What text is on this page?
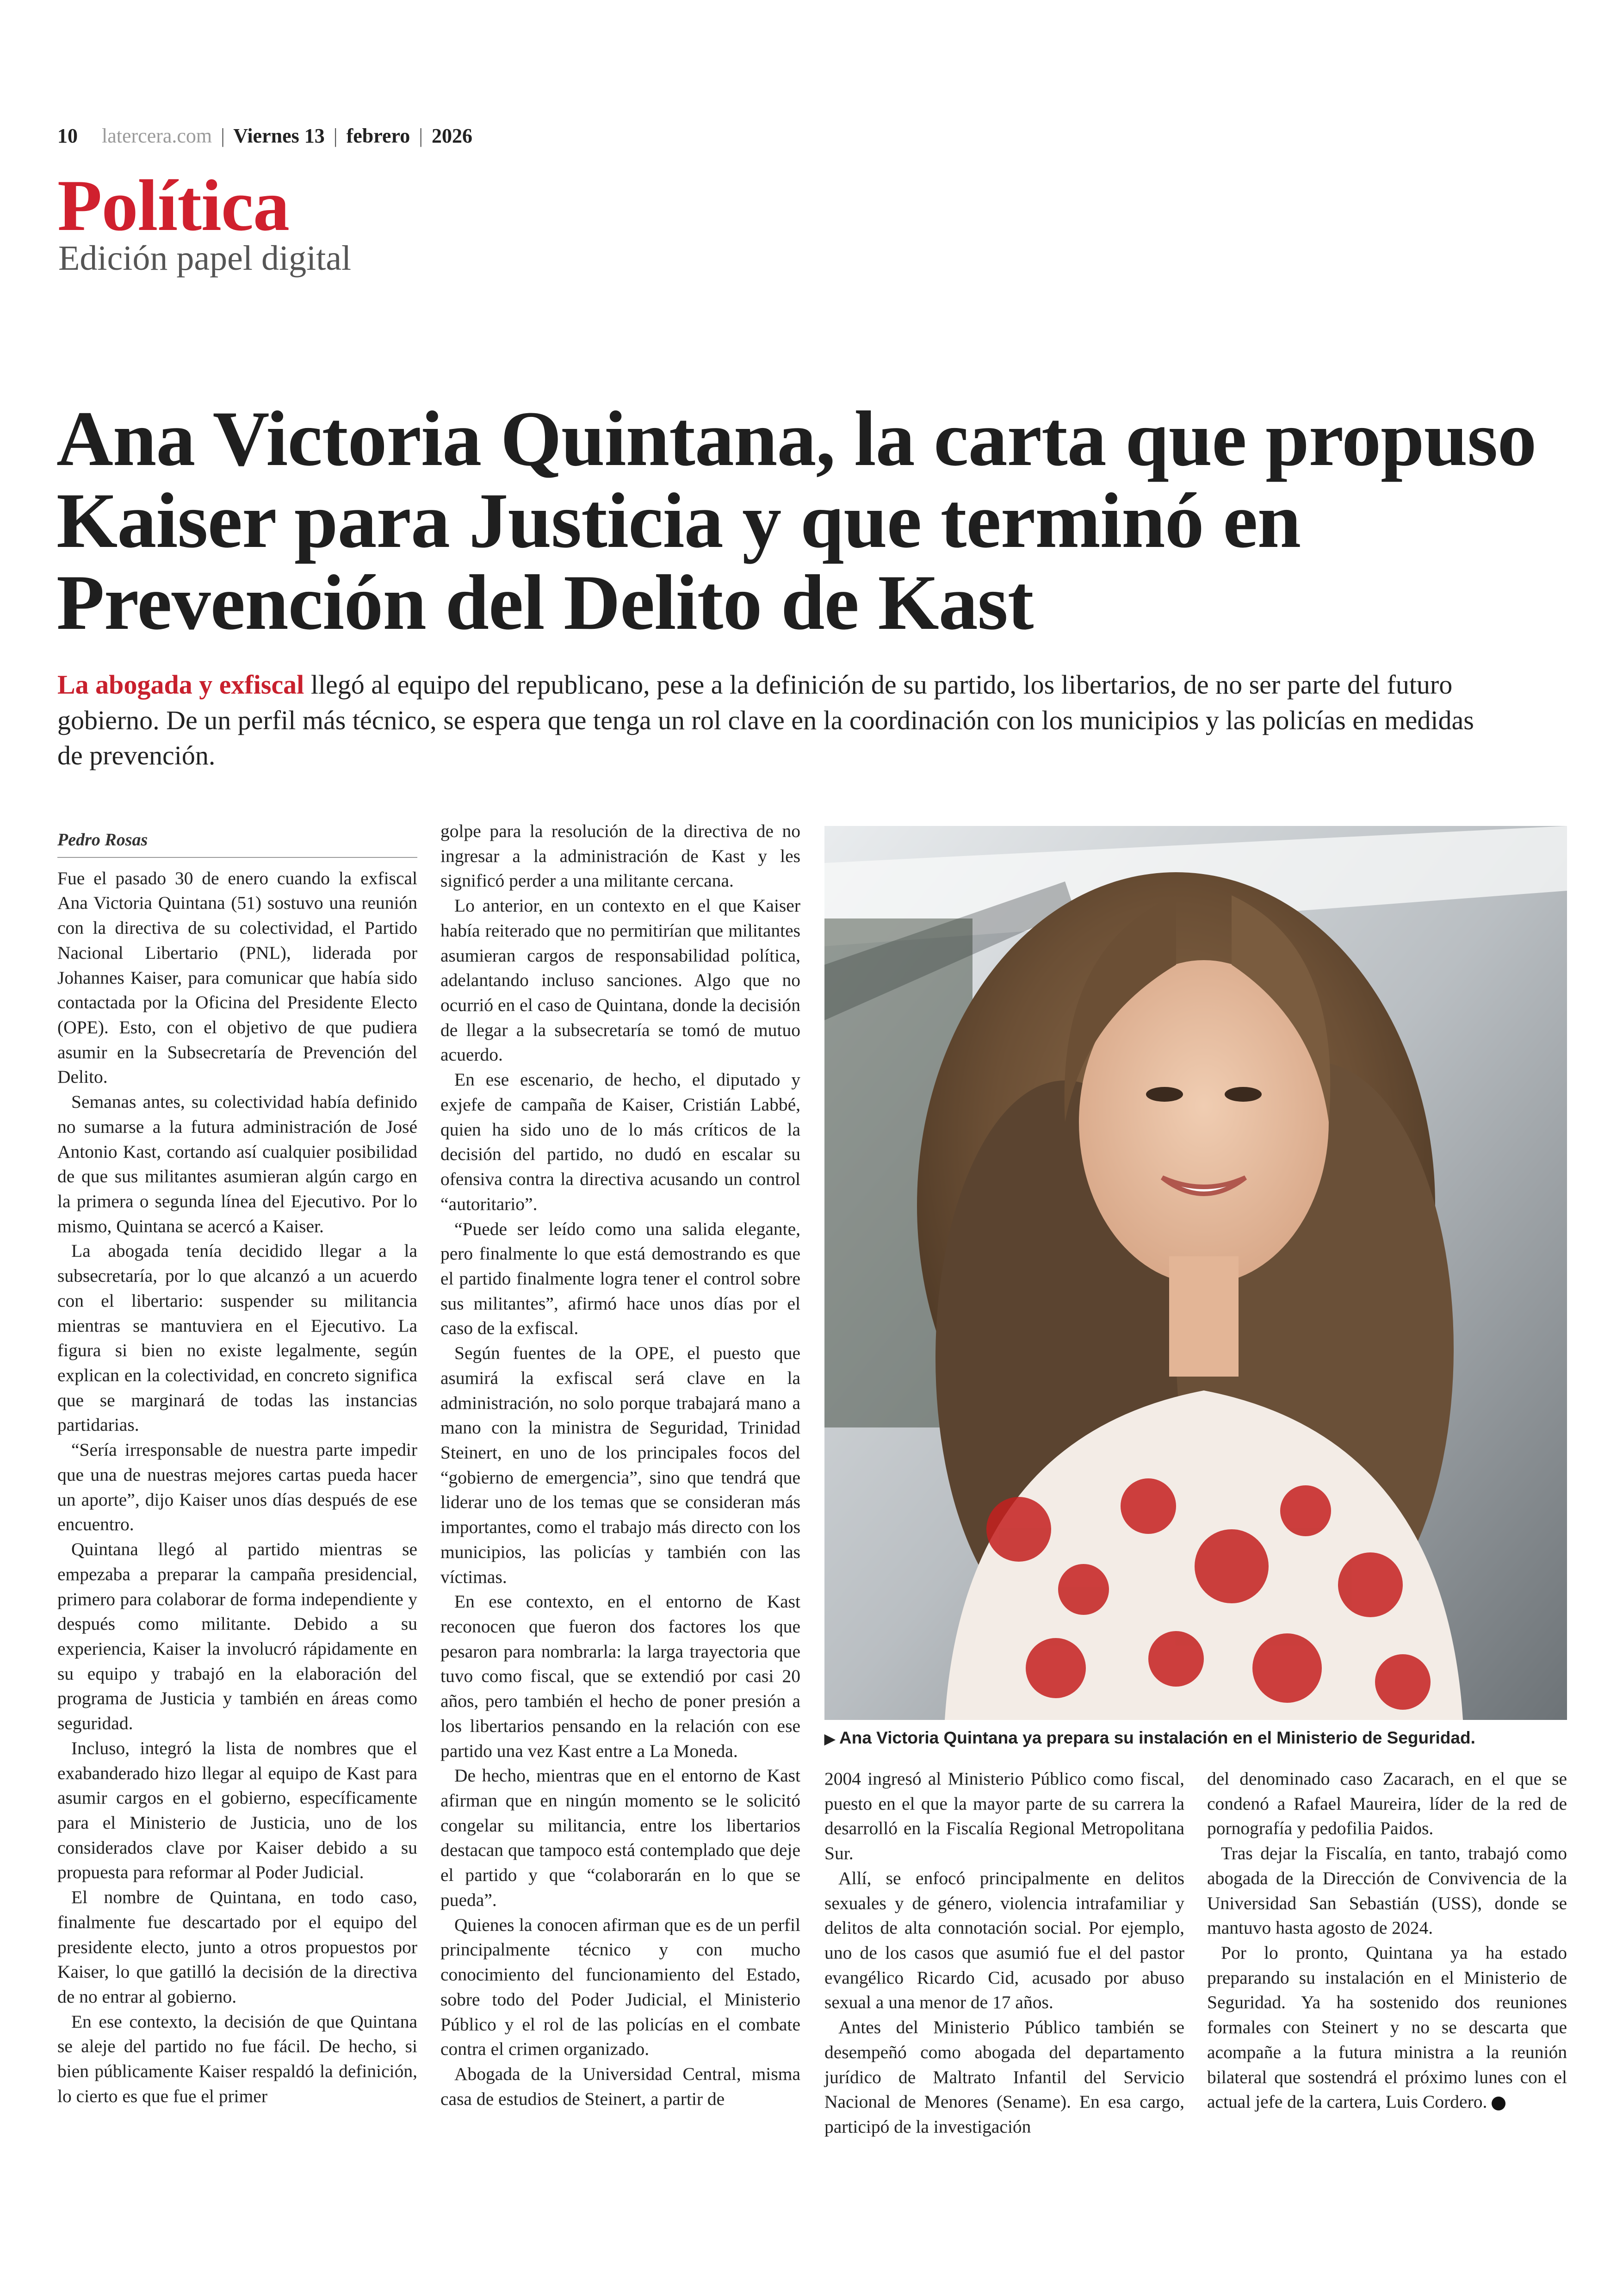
10 latercera.com | Viernes 13 | febrero | 2026
Política
Edición papel digital
Ana Victoria Quintana, la carta que propuso Kaiser para Justicia y que terminó en Prevención del Delito de Kast

La abogada y exfiscal llegó al equipo del republicano, pese a la definición de su partido, los libertarios, de no ser parte del futuro gobierno. De un perfil más técnico, se espera que tenga un rol clave en la coordinación con los municipios y las policías en medidas de prevención.

Pedro Rosas

Fue el pasado 30 de enero cuando la exfiscal Ana Victoria Quintana (51) sostuvo una reunión con la directiva de su colectividad, el Partido Nacional Libertario (PNL), liderada por Johannes Kaiser, para comunicar que había sido contactada por la Oficina del Presidente Electo (OPE). Esto, con el objetivo de que pudiera asumir en la Subsecretaría de Prevención del Delito.

Semanas antes, su colectividad había definido no sumarse a la futura administración de José Antonio Kast, cortando así cualquier posibilidad de que sus militantes asumieran algún cargo en la primera o segunda línea del Ejecutivo. Por lo mismo, Quintana se acercó a Kaiser.

La abogada tenía decidido llegar a la subsecretaría, por lo que alcanzó a un acuerdo con el libertario: suspender su militancia mientras se mantuviera en el Ejecutivo. La figura si bien no existe legalmente, según explican en la colectividad, en concreto significa que se marginará de todas las instancias partidarias.

“Sería irresponsable de nuestra parte impedir que una de nuestras mejores cartas pueda hacer un aporte”, dijo Kaiser unos días después de ese encuentro.

Quintana llegó al partido mientras se empezaba a preparar la campaña presidencial, primero para colaborar de forma independiente y después como militante. Debido a su experiencia, Kaiser la involucró rápidamente en su equipo y trabajó en la elaboración del programa de Justicia y también en áreas como seguridad.

Incluso, integró la lista de nombres que el exabanderado hizo llegar al equipo de Kast para asumir cargos en el gobierno, específicamente para el Ministerio de Justicia, uno de los considerados clave por Kaiser debido a su propuesta para reformar al Poder Judicial.

El nombre de Quintana, en todo caso, finalmente fue descartado por el equipo del presidente electo, junto a otros propuestos por Kaiser, lo que gatilló la decisión de la directiva de no entrar al gobierno.

En ese contexto, la decisión de que Quintana se aleje del partido no fue fácil. De hecho, si bien públicamente Kaiser respaldó la definición, lo cierto es que fue el primer

golpe para la resolución de la directiva de no ingresar a la administración de Kast y les significó perder a una militante cercana.

Lo anterior, en un contexto en el que Kaiser había reiterado que no permitirían que militantes asumieran cargos de responsabilidad política, adelantando incluso sanciones. Algo que no ocurrió en el caso de Quintana, donde la decisión de llegar a la subsecretaría se tomó de mutuo acuerdo.

En ese escenario, de hecho, el diputado y exjefe de campaña de Kaiser, Cristián Labbé, quien ha sido uno de lo más críticos de la decisión del partido, no dudó en escalar su ofensiva contra la directiva acusando un control “autoritario”.

“Puede ser leído como una salida elegante, pero finalmente lo que está demostrando es que el partido finalmente logra tener el control sobre sus militantes”, afirmó hace unos días por el caso de la exfiscal.

Según fuentes de la OPE, el puesto que asumirá la exfiscal será clave en la administración, no solo porque trabajará mano a mano con la ministra de Seguridad, Trinidad Steinert, en uno de los principales focos del “gobierno de emergencia”, sino que tendrá que liderar uno de los temas que se consideran más importantes, como el trabajo más directo con los municipios, las policías y también con las víctimas.

En ese contexto, en el entorno de Kast reconocen que fueron dos factores los que pesaron para nombrarla: la larga trayectoria que tuvo como fiscal, que se extendió por casi 20 años, pero también el hecho de poner presión a los libertarios pensando en la relación con ese partido una vez Kast entre a La Moneda.

De hecho, mientras que en el entorno de Kast afirman que en ningún momento se le solicitó congelar su militancia, entre los libertarios destacan que tampoco está contemplado que deje el partido y que “colaborarán en lo que se pueda”.

Quienes la conocen afirman que es de un perfil principalmente técnico y con mucho conocimiento del funcionamiento del Estado, sobre todo del Poder Judicial, el Ministerio Público y el rol de las policías en el combate contra el crimen organizado.

Abogada de la Universidad Central, misma casa de estudios de Steinert, a partir de

▶ Ana Victoria Quintana ya prepara su instalación en el Ministerio de Seguridad.

2004 ingresó al Ministerio Público como fiscal, puesto en el que la mayor parte de su carrera la desarrolló en la Fiscalía Regional Metropolitana Sur.

Allí, se enfocó principalmente en delitos sexuales y de género, violencia intrafamiliar y delitos de alta connotación social. Por ejemplo, uno de los casos que asumió fue el del pastor evangélico Ricardo Cid, acusado por abuso sexual a una menor de 17 años.

Antes del Ministerio Público también se desempeñó como abogada del departamento jurídico de Maltrato Infantil del Servicio Nacional de Menores (Sename). En esa cargo, participó de la investigación

del denominado caso Zacarach, en el que se condenó a Rafael Maureira, líder de la red de pornografía y pedofilia Paidos.

Tras dejar la Fiscalía, en tanto, trabajó como abogada de la Dirección de Convivencia de la Universidad San Sebastián (USS), donde se mantuvo hasta agosto de 2024.

Por lo pronto, Quintana ya ha estado preparando su instalación en el Ministerio de Seguridad. Ya ha sostenido dos reuniones formales con Steinert y no se descarta que acompañe a la futura ministra a la reunión bilateral que sostendrá el próximo lunes con el actual jefe de la cartera, Luis Cordero.
